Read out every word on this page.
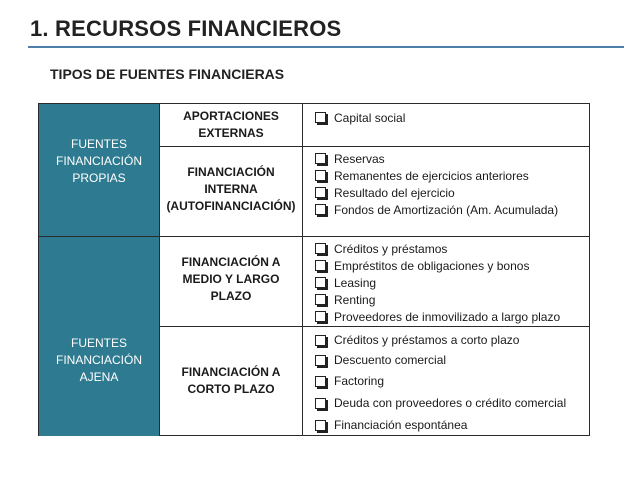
1. RECURSOS FINANCIEROS
TIPOS DE FUENTES FINANCIERAS
FUENTES
FINANCIACIÓN
PROPIAS
FUENTES
FINANCIACIÓN
AJENA
APORTACIONES
EXTERNAS
FINANCIACIÓN
INTERNA
(AUTOFINANCIACIÓN)
FINANCIACIÓN A
MEDIO Y LARGO
PLAZO
FINANCIACIÓN A
CORTO PLAZO
Capital social
Reservas
Remanentes de ejercicios anteriores
Resultado del ejercicio
Fondos de Amortización (Am. Acumulada)
Créditos y préstamos
Empréstitos de obligaciones y bonos
Leasing
Renting
Proveedores de inmovilizado a largo plazo
Créditos y préstamos a corto plazo
Descuento comercial
Factoring
Deuda con proveedores o crédito comercial
Financiación espontánea
